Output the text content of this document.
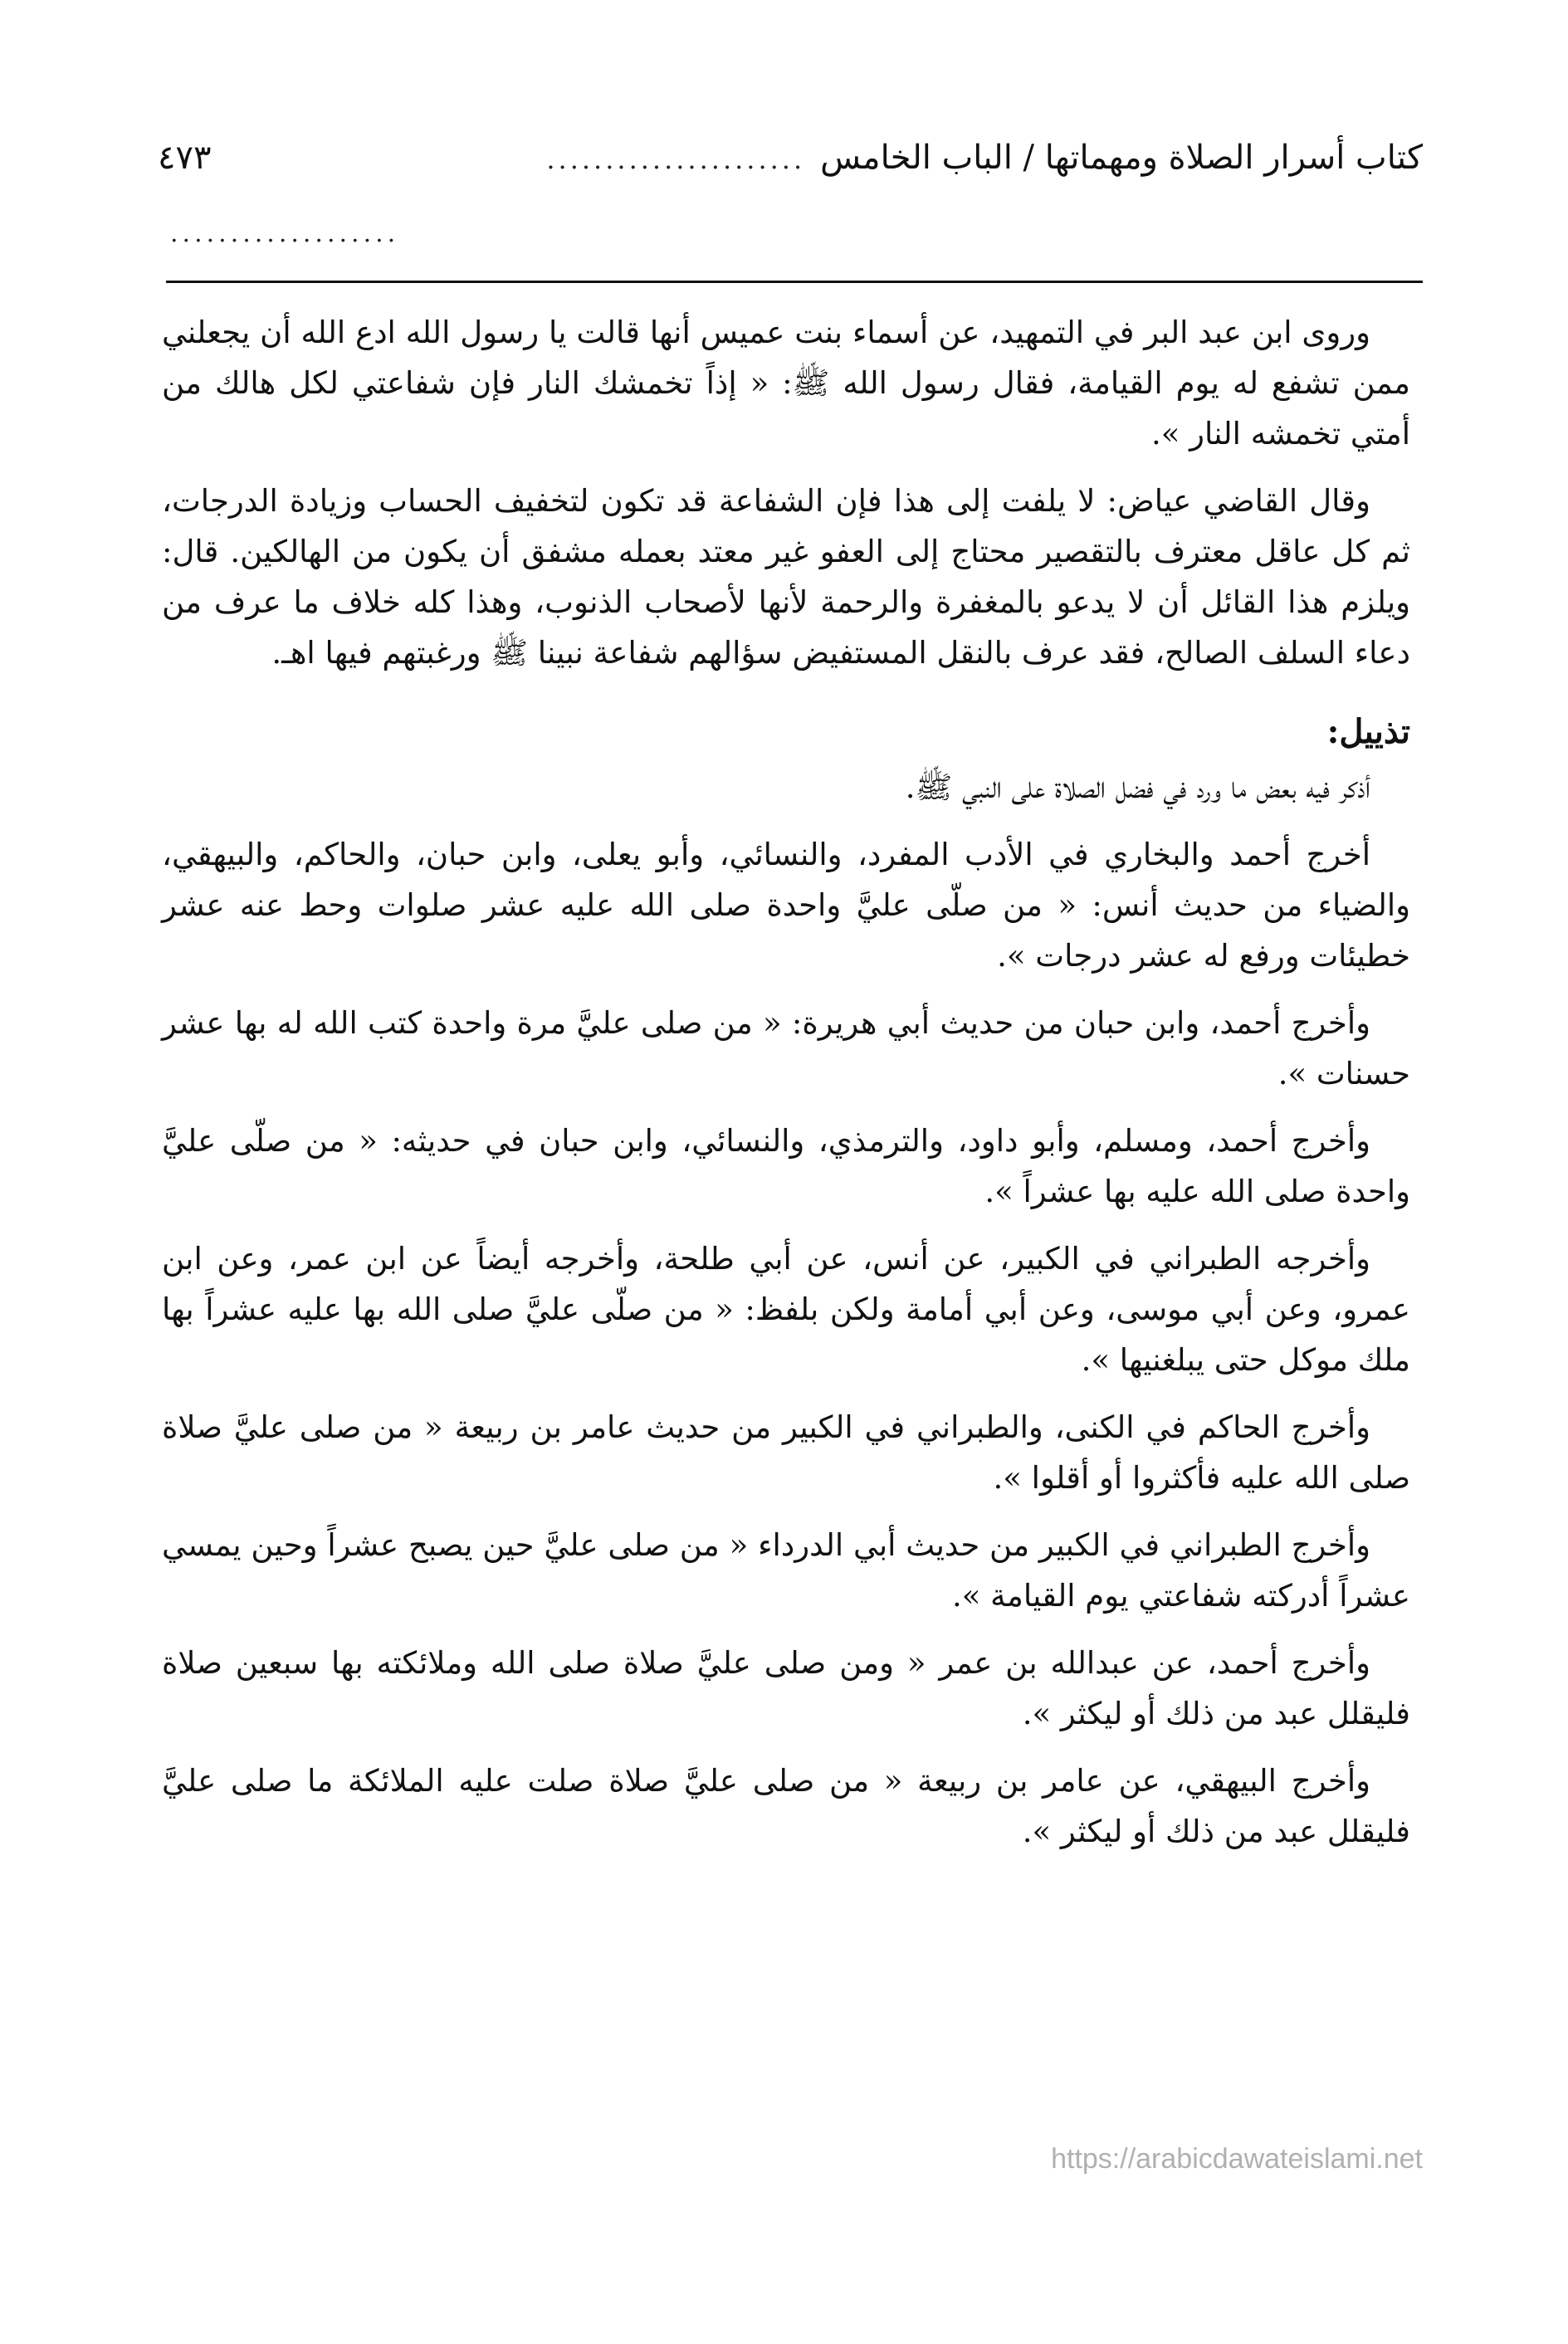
كتاب أسرار الصلاة ومهماتها / الباب الخامس
......................
٤٧٣
...................

وروى ابن عبد البر في التمهيد، عن أسماء بنت عميس أنها قالت يا رسول الله ادع الله أن يجعلني ممن تشفع له يوم القيامة، فقال رسول الله ﷺ: « إذاً تخمشك النار فإن شفاعتي لكل هالك من أمتي تخمشه النار ».

وقال القاضي عياض: لا يلفت إلى هذا فإن الشفاعة قد تكون لتخفيف الحساب وزيادة الدرجات، ثم كل عاقل معترف بالتقصير محتاج إلى العفو غير معتد بعمله مشفق أن يكون من الهالكين. قال: ويلزم هذا القائل أن لا يدعو بالمغفرة والرحمة لأنها لأصحاب الذنوب، وهذا كله خلاف ما عرف من دعاء السلف الصالح، فقد عرف بالنقل المستفيض سؤالهم شفاعة نبينا ﷺ ورغبتهم فيها اهـ.

تذييل:

أذكر فيه بعض ما ورد في فضل الصلاة على النبي ﷺ.

أخرج أحمد والبخاري في الأدب المفرد، والنسائي، وأبو يعلى، وابن حبان، والحاكم، والبيهقي، والضياء من حديث أنس: « من صلّى عليَّ واحدة صلى الله عليه عشر صلوات وحط عنه عشر خطيئات ورفع له عشر درجات ».

وأخرج أحمد، وابن حبان من حديث أبي هريرة: « من صلى عليَّ مرة واحدة كتب الله له بها عشر حسنات ».

وأخرج أحمد، ومسلم، وأبو داود، والترمذي، والنسائي، وابن حبان في حديثه: « من صلّى عليَّ واحدة صلى الله عليه بها عشراً ».

وأخرجه الطبراني في الكبير، عن أنس، عن أبي طلحة، وأخرجه أيضاً عن ابن عمر، وعن ابن عمرو، وعن أبي موسى، وعن أبي أمامة ولكن بلفظ: « من صلّى عليَّ صلى الله بها عليه عشراً بها ملك موكل حتى يبلغنيها ».

وأخرج الحاكم في الكنى، والطبراني في الكبير من حديث عامر بن ربيعة « من صلى عليَّ صلاة صلى الله عليه فأكثروا أو أقلوا ».

وأخرج الطبراني في الكبير من حديث أبي الدرداء « من صلى عليَّ حين يصبح عشراً وحين يمسي عشراً أدركته شفاعتي يوم القيامة ».

وأخرج أحمد، عن عبدالله بن عمر « ومن صلى عليَّ صلاة صلى الله وملائكته بها سبعين صلاة فليقلل عبد من ذلك أو ليكثر ».

وأخرج البيهقي، عن عامر بن ربيعة « من صلى عليَّ صلاة صلت عليه الملائكة ما صلى عليَّ فليقلل عبد من ذلك أو ليكثر ».

https://arabicdawateislami.net
